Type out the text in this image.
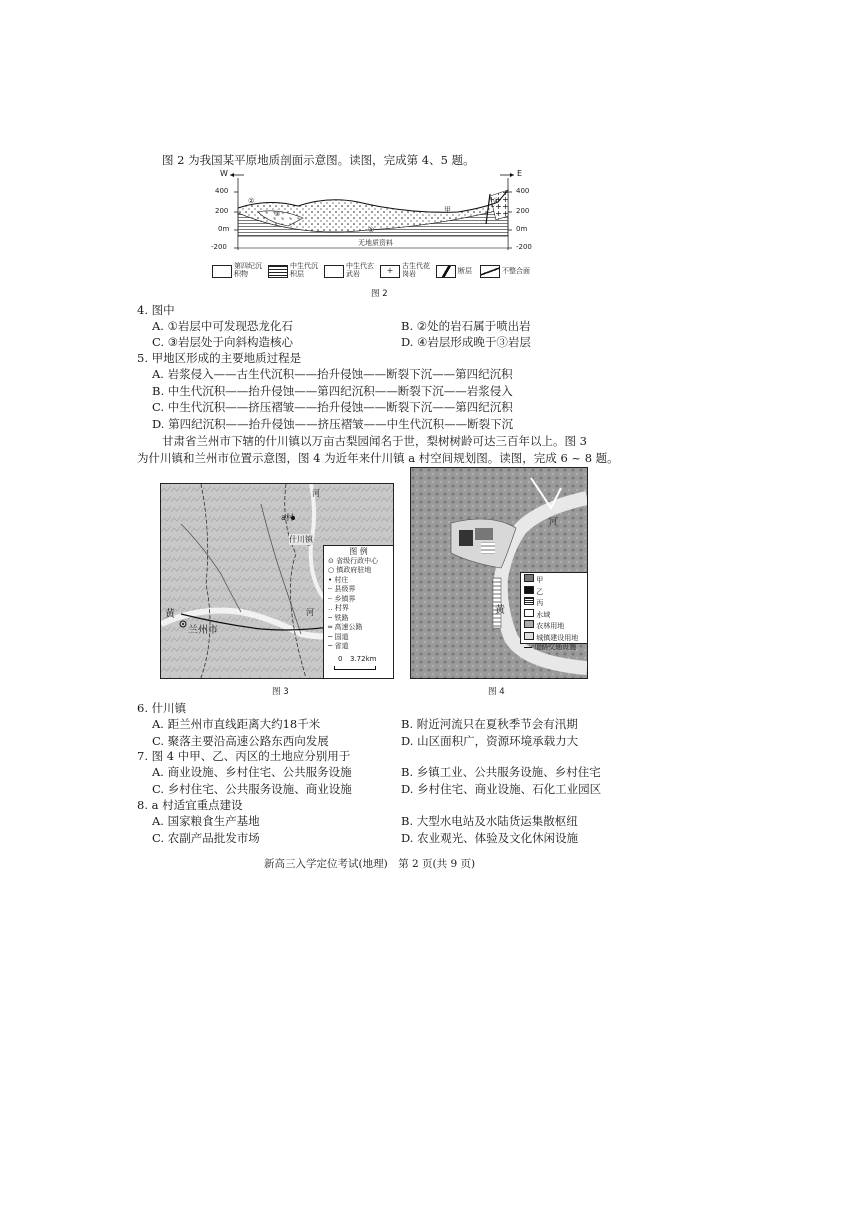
图 2 为我国某平原地质剖面示意图。读图，完成第 4、5 题。
W	E
400
200
0m
-200
400
200
0m
-200
无地质资料
甲
②
③
①
④
第四纪沉积物
中生代沉积层
中生代玄武岩	+	古生代花岗岩	断层	不整合面
图 2
4. 图中
A. ①岩层中可发现恐龙化石	B. ②处的岩石属于喷出岩
C. ③岩层处于向斜构造核心	D. ④岩层形成晚于③岩层
5. 甲地区形成的主要地质过程是
A. 岩浆侵入——古生代沉积——抬升侵蚀——断裂下沉——第四纪沉积
B. 中生代沉积——抬升侵蚀——第四纪沉积——断裂下沉——岩浆侵入
C. 中生代沉积——挤压褶皱——抬升侵蚀——断裂下沉——第四纪沉积
D. 第四纪沉积——抬升侵蚀——挤压褶皱——中生代沉积——断裂下沉
甘肃省兰州市下辖的什川镇以万亩古梨园闻名于世，梨树树龄可达三百年以上。图 3
为什川镇和兰州市位置示意图，图 4 为近年来什川镇 a 村空间规划图。读图，完成 6 ~ 8 题。
兰州市
黄	河
河
a村
什川镇
图 例
⊙ 省级行政中心
○ 镇政府驻地
• 村庄
┄ 县级界
┈ 乡镇界
‥ 村界
╌ 铁路
═ 高速公路
─ 国道
─ 省道
0 3.72km
图 3
河
黄
甲
乙
丙
水域
农林用地
城镇建设用地
道路交通设施
图 4
6. 什川镇
A. 距兰州市直线距离大约18千米	B. 附近河流只在夏秋季节会有汛期
C. 聚落主要沿高速公路东西向发展	D. 山区面积广，资源环境承载力大
7. 图 4 中甲、乙、丙区的土地应分别用于
A. 商业设施、乡村住宅、公共服务设施	B. 乡镇工业、公共服务设施、乡村住宅
C. 乡村住宅、公共服务设施、商业设施	D. 乡村住宅、商业设施、石化工业园区
8. a 村适宜重点建设
A. 国家粮食生产基地	B. 大型水电站及水陆货运集散枢纽
C. 农副产品批发市场	D. 农业观光、体验及文化休闲设施
新高三入学定位考试(地理)　第 2 页(共 9 页)
